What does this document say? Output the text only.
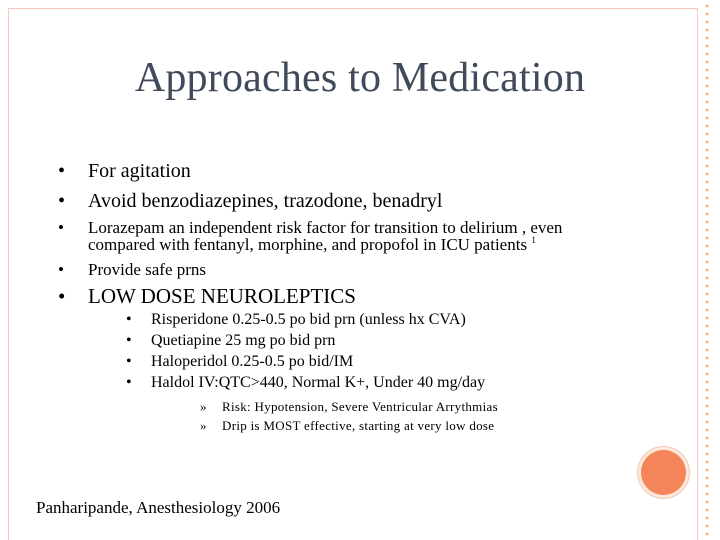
Approaches to Medication
• For agitation
• Avoid benzodiazepines, trazodone, benadryl
• Lorazepam an independent risk factor for transition to delirium , even
compared with fentanyl, morphine, and propofol in ICU patients $^1$
• Provide safe prns
• LOW DOSE NEUROLEPTICS
• Risperidone 0.25-0.5 po bid prn (unless hx CVA)
• Quetiapine 25 mg po bid prn
• Haloperidol 0.25-0.5 po bid/IM
• Haldol IV:QTC>440, Normal K+, Under 40 mg/day
» Risk: Hypotension, Severe Ventricular Arrythmias
» Drip is MOST effective, starting at very low dose
Panharipande, Anesthesiology 2006
